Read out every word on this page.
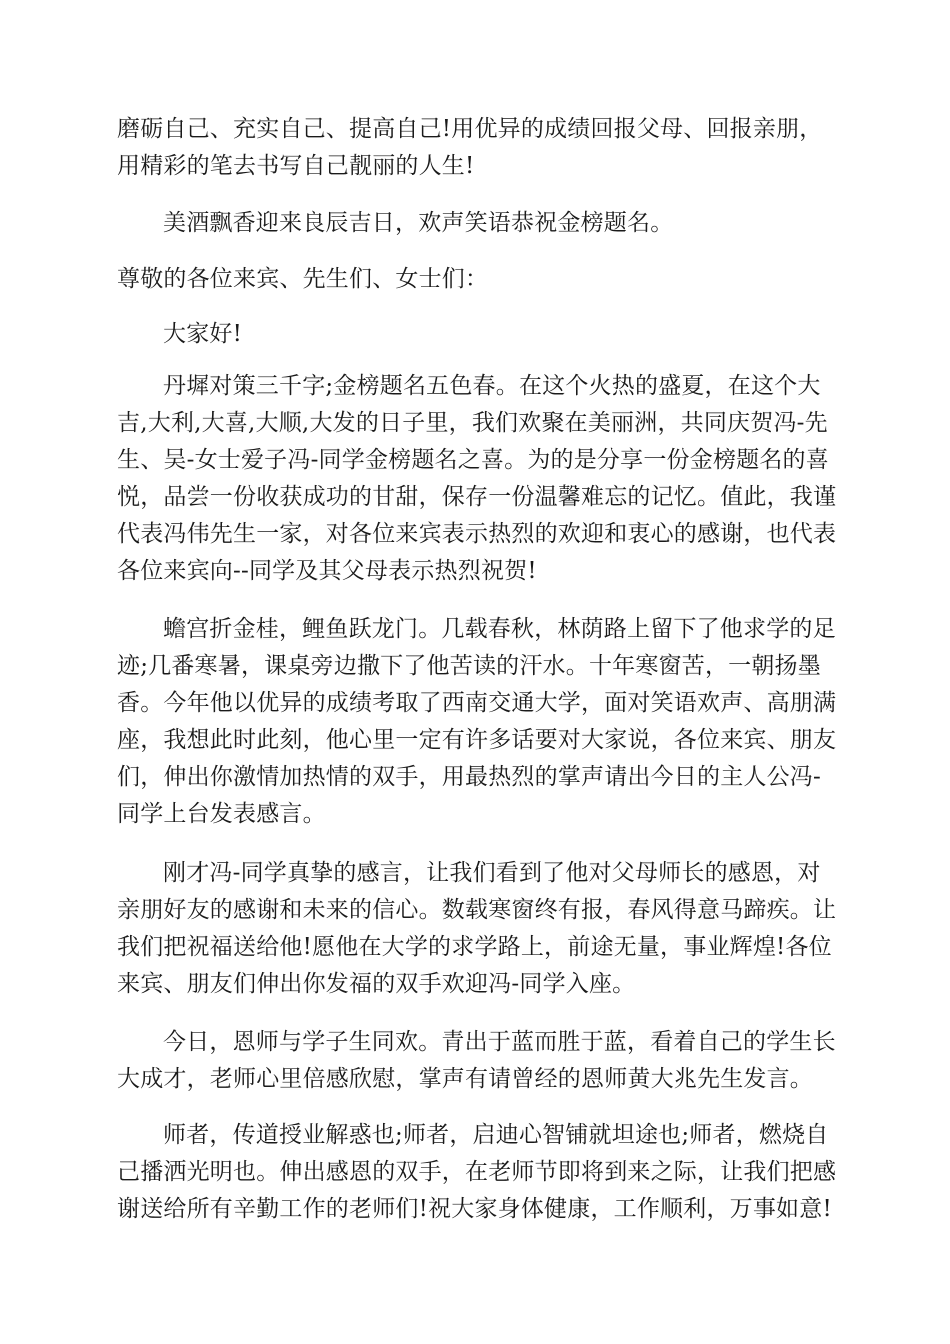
磨砺自己、充实自己、提高自己!用优异的成绩回报父母、回报亲朋，用精彩的笔去书写自己靓丽的人生!
美酒飘香迎来良辰吉日，欢声笑语恭祝金榜题名。
尊敬的各位来宾、先生们、女士们：
大家好!
丹墀对策三千字;金榜题名五色春。在这个火热的盛夏，在这个大吉,大利,大喜,大顺,大发的日子里，我们欢聚在美丽洲，共同庆贺冯-先生、吴-女士爱子冯-同学金榜题名之喜。为的是分享一份金榜题名的喜悦，品尝一份收获成功的甘甜，保存一份温馨难忘的记忆。值此，我谨代表冯伟先生一家，对各位来宾表示热烈的欢迎和衷心的感谢，也代表各位来宾向--同学及其父母表示热烈祝贺!
蟾宫折金桂，鲤鱼跃龙门。几载春秋，林荫路上留下了他求学的足迹;几番寒暑，课桌旁边撒下了他苦读的汗水。十年寒窗苦，一朝扬墨香。今年他以优异的成绩考取了西南交通大学，面对笑语欢声、高朋满座，我想此时此刻，他心里一定有许多话要对大家说，各位来宾、朋友们，伸出你激情加热情的双手，用最热烈的掌声请出今日的主人公冯-同学上台发表感言。
刚才冯-同学真挚的感言，让我们看到了他对父母师长的感恩，对亲朋好友的感谢和未来的信心。数载寒窗终有报，春风得意马蹄疾。让我们把祝福送给他!愿他在大学的求学路上，前途无量，事业辉煌!各位来宾、朋友们伸出你发福的双手欢迎冯-同学入座。
今日，恩师与学子生同欢。青出于蓝而胜于蓝，看着自己的学生长大成才，老师心里倍感欣慰，掌声有请曾经的恩师黄大兆先生发言。
师者，传道授业解惑也;师者，启迪心智铺就坦途也;师者，燃烧自己播洒光明也。伸出感恩的双手，在老师节即将到来之际，让我们把感谢送给所有辛勤工作的老师们!祝大家身体健康，工作顺利，万事如意!
